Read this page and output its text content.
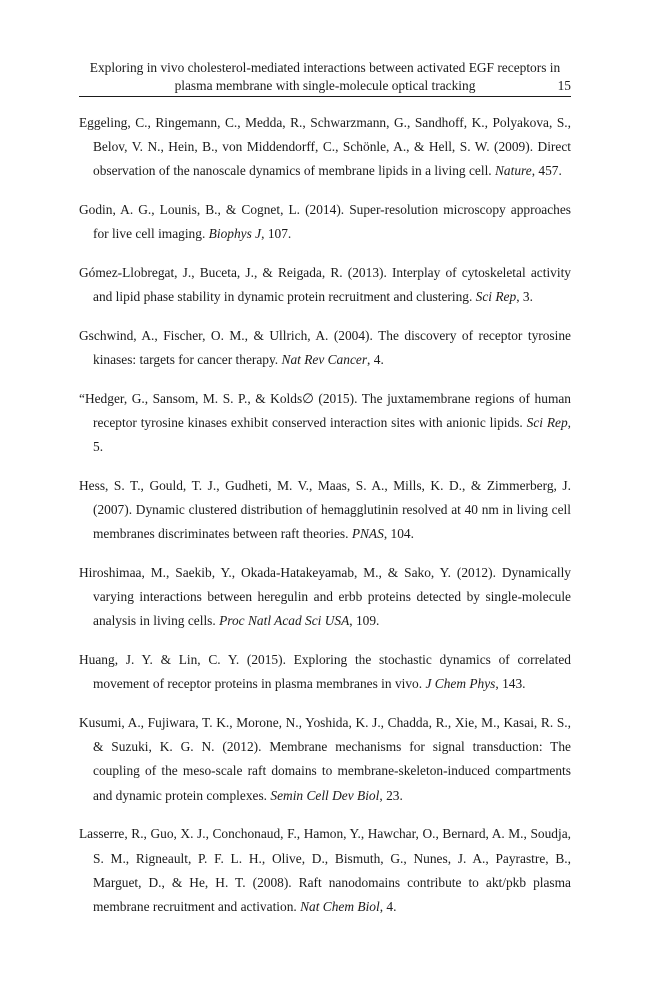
Exploring in vivo cholesterol-mediated interactions between activated EGF receptors in
plasma membrane with single-molecule optical tracking	15

Eggeling, C., Ringemann, C., Medda, R., Schwarzmann, G., Sandhoff, K., Polyakova, S., Belov, V. N., Hein, B., von Middendorff, C., Schönle, A., & Hell, S. W. (2009). Direct observation of the nanoscale dynamics of membrane lipids in a living cell. Nature, 457.

Godin, A. G., Lounis, B., & Cognet, L. (2014). Super-resolution microscopy approaches for live cell imaging. Biophys J, 107.

Gómez-Llobregat, J., Buceta, J., & Reigada, R. (2013). Interplay of cytoskeletal activity and lipid phase stability in dynamic protein recruitment and clustering. Sci Rep, 3.

Gschwind, A., Fischer, O. M., & Ullrich, A. (2004). The discovery of receptor tyrosine kinases: targets for cancer therapy. Nat Rev Cancer, 4.

“Hedger, G., Sansom, M. S. P., & Kolds∅ (2015). The juxtamembrane regions of human receptor tyrosine kinases exhibit conserved interaction sites with anionic lipids. Sci Rep, 5.

Hess, S. T., Gould, T. J., Gudheti, M. V., Maas, S. A., Mills, K. D., & Zimmerberg, J. (2007). Dynamic clustered distribution of hemagglutinin resolved at 40 nm in living cell membranes discriminates between raft theories. PNAS, 104.

Hiroshimaa, M., Saekib, Y., Okada-Hatakeyamab, M., & Sako, Y. (2012). Dynamically varying interactions between heregulin and erbb proteins detected by single-molecule analysis in living cells. Proc Natl Acad Sci USA, 109.

Huang, J. Y. & Lin, C. Y. (2015). Exploring the stochastic dynamics of correlated movement of receptor proteins in plasma membranes in vivo. J Chem Phys, 143.

Kusumi, A., Fujiwara, T. K., Morone, N., Yoshida, K. J., Chadda, R., Xie, M., Kasai, R. S., & Suzuki, K. G. N. (2012). Membrane mechanisms for signal transduction: The coupling of the meso-scale raft domains to membrane-skeleton-induced compartments and dynamic protein complexes. Semin Cell Dev Biol, 23.

Lasserre, R., Guo, X. J., Conchonaud, F., Hamon, Y., Hawchar, O., Bernard, A. M., Soudja, S. M., Rigneault, P. F. L. H., Olive, D., Bismuth, G., Nunes, J. A., Payrastre, B., Marguet, D., & He, H. T. (2008). Raft nanodomains contribute to akt/pkb plasma membrane recruitment and activation. Nat Chem Biol, 4.
